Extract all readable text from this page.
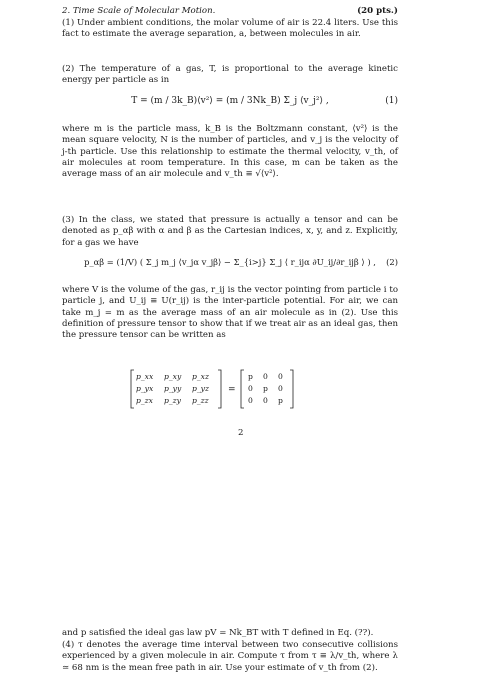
2. Time Scale of Molecular Motion.	(20 pts.)

(1) Under ambient conditions, the molar volume of air is 22.4 liters. Use this fact to estimate the average separation, a, between molecules in air.

(2) The temperature of a gas, T, is proportional to the average kinetic energy per particle as in

T = (m / 3k_B)⟨v²⟩ = (m / 3Nk_B) Σ_j ⟨v_j²⟩ ,	(1)

where m is the particle mass, k_B is the Boltzmann constant, ⟨v²⟩ is the mean square velocity, N is the number of particles, and v_j is the velocity of j-th particle. Use this relationship to estimate the thermal velocity, v_th, of air molecules at room temperature. In this case, m can be taken as the average mass of an air molecule and v_th ≡ √⟨v²⟩.

(3) In the class, we stated that pressure is actually a tensor and can be denoted as p_αβ with α and β as the Cartesian indices, x, y, and z. Explicitly, for a gas we have

p_αβ = (1/V) ( Σ_j m_j ⟨v_jα v_jβ⟩ − Σ_{i>j} Σ_j ⟨ r_ijα ∂U_ij/∂r_ijβ ⟩ ) , (2)

where V is the volume of the gas, r_ij is the vector pointing from particle i to particle j, and U_ij ≡ U(r_ij) is the inter-particle potential. For air, we can take m_j = m as the average mass of an air molecule as in (2). Use this definition of pressure tensor to show that if we treat air as an ideal gas, then the pressure tensor can be written as

p_xx p_xy p_xz
p_yx p_yy p_yz
p_zx p_zy p_zz
=
p 0 0
0 p 0
0 0 p
2

and p satisfied the ideal gas law pV = Nk_BT with T defined in Eq. (??).

(4) τ denotes the average time interval between two consecutive collisions experienced by a given molecule in air. Compute τ from τ ≡ λ/v_th, where λ ≃ 68 nm is the mean free path in air. Use your estimate of v_th from (2).
